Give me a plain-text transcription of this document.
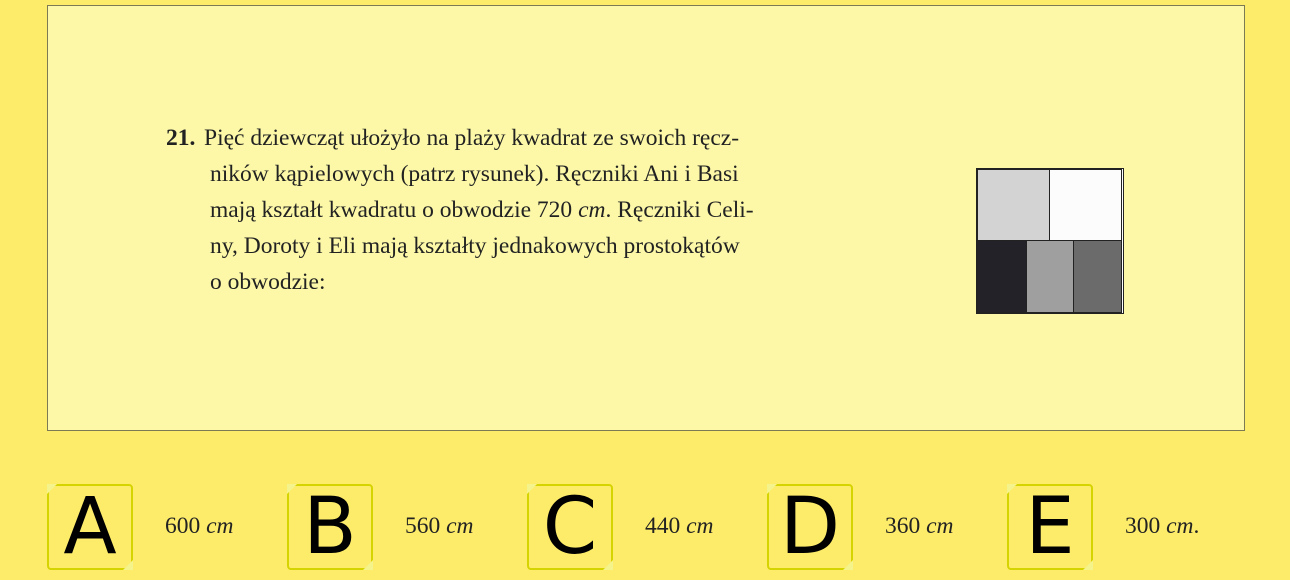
21. Pięć dziewcząt ułożyło na plaży kwadrat ze swoich ręcz-
ników kąpielowych (patrz rysunek). Ręczniki Ani i Basi
mają kształt kwadratu o obwodzie 720 cm. Ręczniki Celi-
ny, Doroty i Eli mają kształty jednakowych prostokątów
o obwodzie:
A	600 cm B	560 cm C	440 cm D	360 cm E	300 cm.
